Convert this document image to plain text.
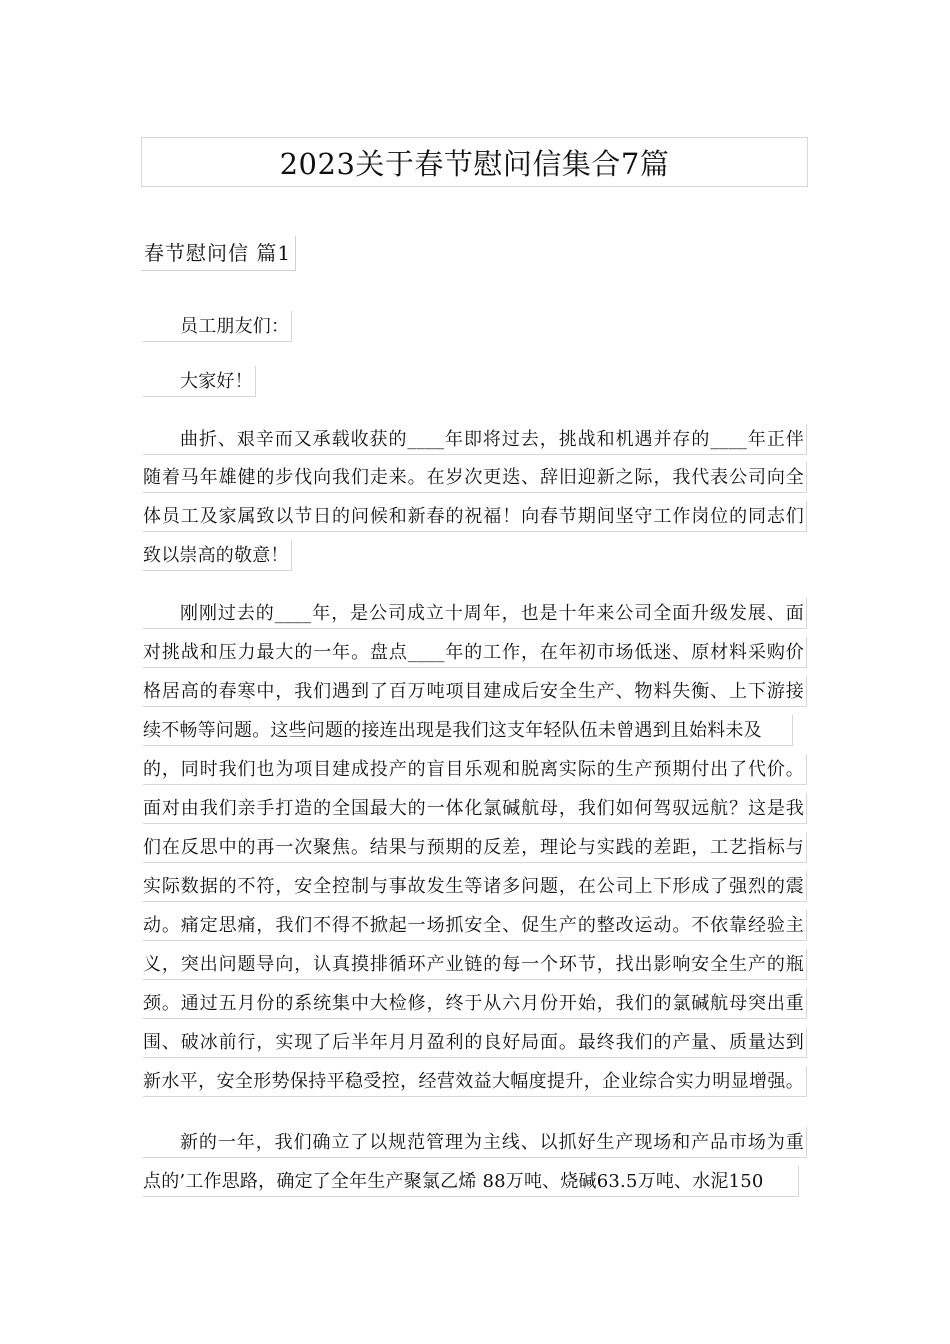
2023关于春节慰问信集合7篇
春节慰问信 篇1
员工朋友们：
大家好！
曲折、艰辛而又承载收获的____年即将过去，挑战和机遇并存的____年正伴
随着马年雄健的步伐向我们走来。在岁次更迭、辞旧迎新之际，我代表公司向全
体员工及家属致以节日的问候和新春的祝福！向春节期间坚守工作岗位的同志们
致以崇高的敬意！
刚刚过去的____年，是公司成立十周年，也是十年来公司全面升级发展、面
对挑战和压力最大的一年。盘点____年的工作，在年初市场低迷、原材料采购价
格居高的春寒中，我们遇到了百万吨项目建成后安全生产、物料失衡、上下游接
续不畅等问题。这些问题的接连出现是我们这支年轻队伍未曾遇到且始料未及
的，同时我们也为项目建成投产的盲目乐观和脱离实际的生产预期付出了代价。
面对由我们亲手打造的全国最大的一体化氯碱航母，我们如何驾驭远航？这是我
们在反思中的再一次聚焦。结果与预期的反差，理论与实践的差距，工艺指标与
实际数据的不符，安全控制与事故发生等诸多问题，在公司上下形成了强烈的震
动。痛定思痛，我们不得不掀起一场抓安全、促生产的整改运动。不依靠经验主
义，突出问题导向，认真摸排循环产业链的每一个环节，找出影响安全生产的瓶
颈。通过五月份的系统集中大检修，终于从六月份开始，我们的氯碱航母突出重
围、破冰前行，实现了后半年月月盈利的良好局面。最终我们的产量、质量达到
新水平，安全形势保持平稳受控，经营效益大幅度提升，企业综合实力明显增强。
新的一年，我们确立了以规范管理为主线、以抓好生产现场和产品市场为重
点的’工作思路，确定了全年生产聚氯乙烯 88万吨、烧碱63.5万吨、水泥150
